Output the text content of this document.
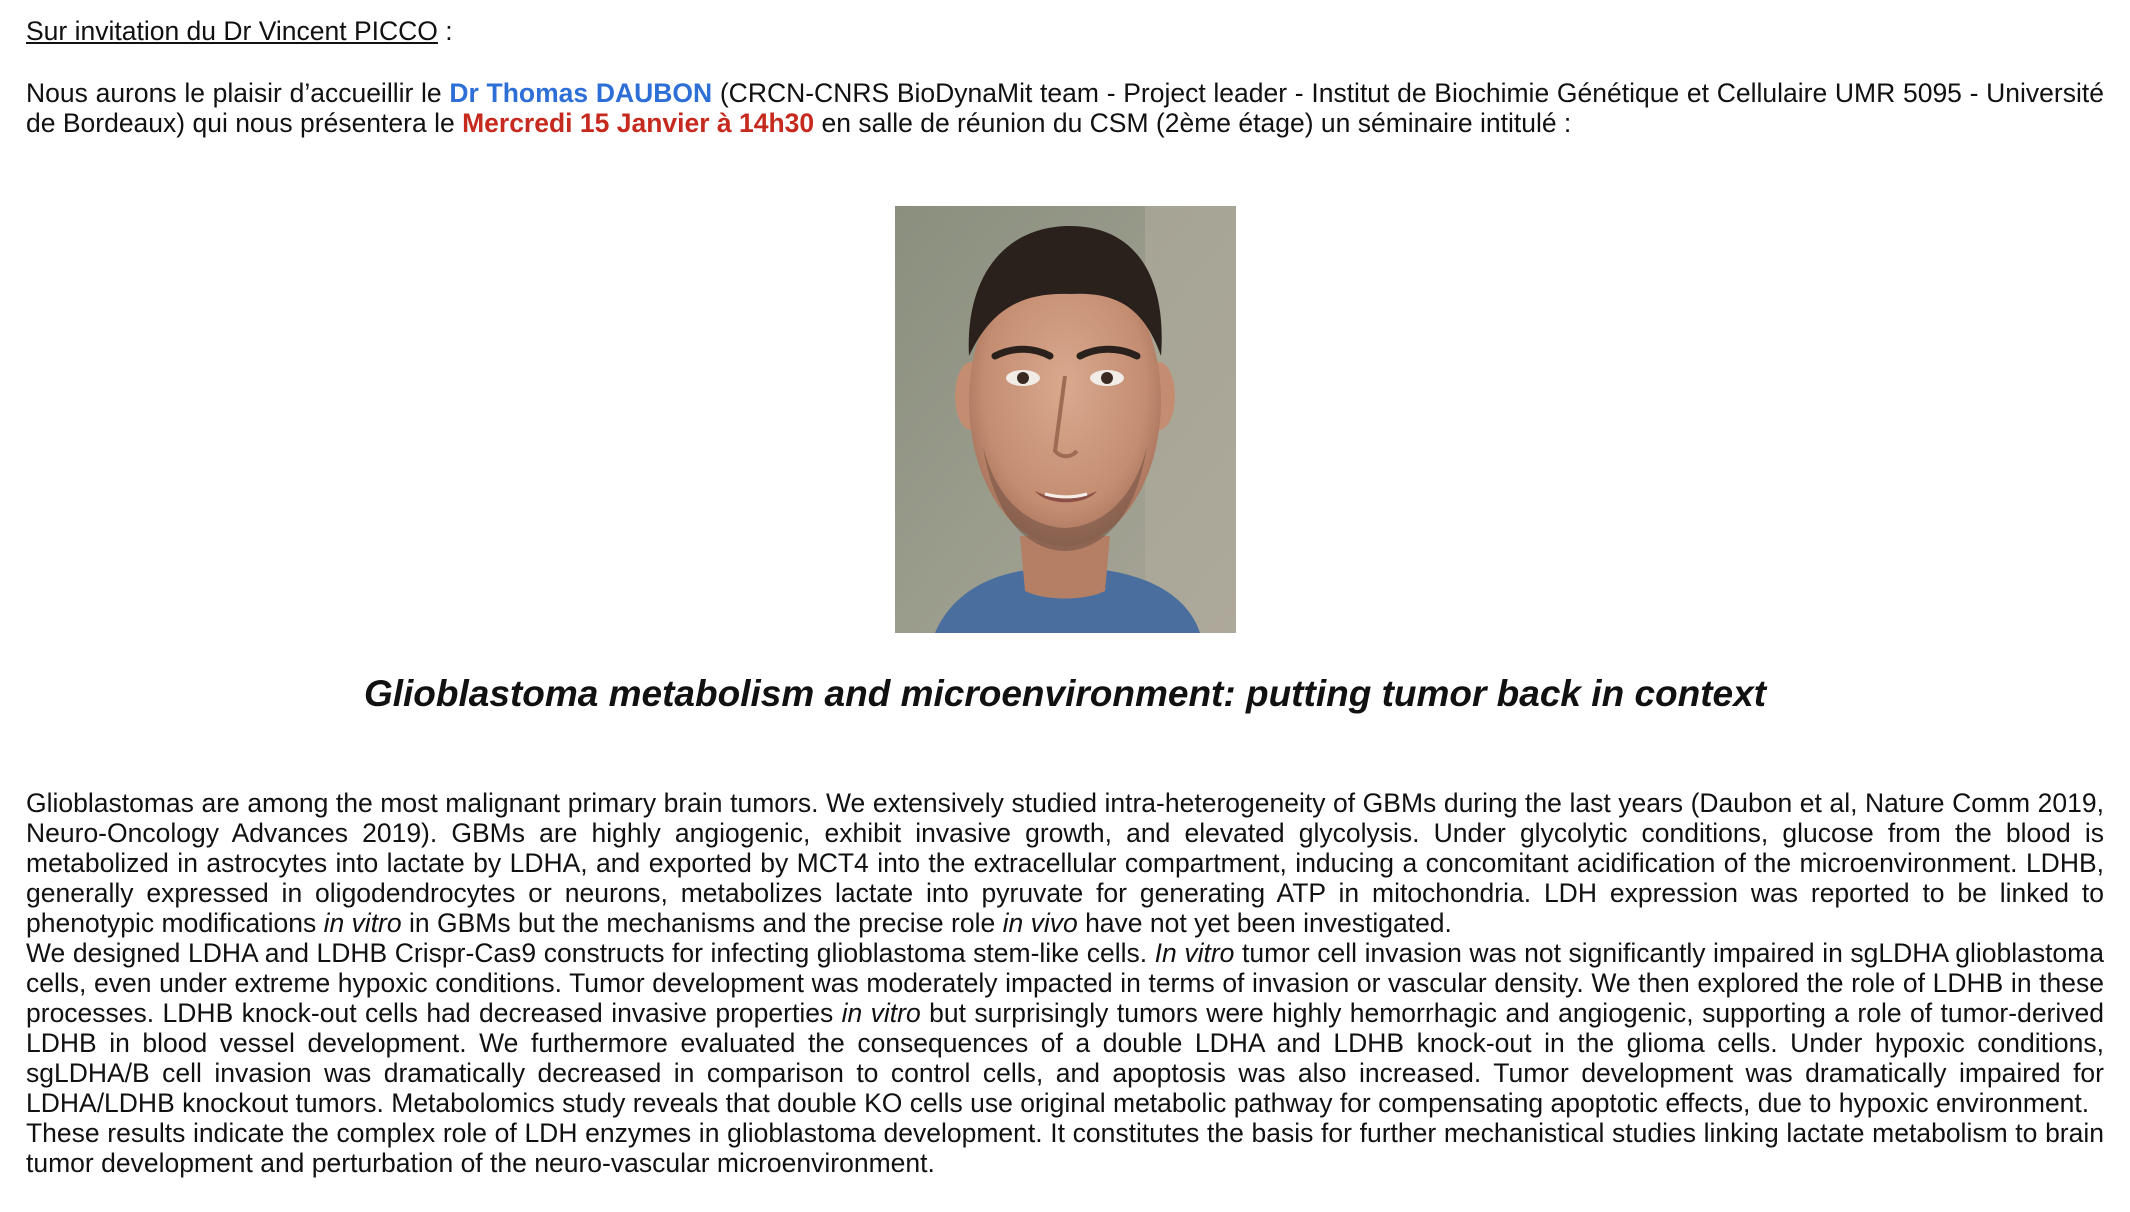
Sur invitation du Dr Vincent PICCO :
Nous aurons le plaisir d’accueillir le Dr Thomas DAUBON (CRCN-CNRS BioDynaMit team - Project leader - Institut de Biochimie Génétique et Cellulaire UMR 5095 - Université de Bordeaux) qui nous présentera le Mercredi 15 Janvier à 14h30 en salle de réunion du CSM (2ème étage) un séminaire intitulé :
Glioblastoma metabolism and microenvironment: putting tumor back in context
Glioblastomas are among the most malignant primary brain tumors. We extensively studied intra-heterogeneity of GBMs during the last years (Daubon et al, Nature Comm 2019, Neuro-Oncology Advances 2019). GBMs are highly angiogenic, exhibit invasive growth, and elevated glycolysis. Under glycolytic conditions, glucose from the blood is metabolized in astrocytes into lactate by LDHA, and exported by MCT4 into the extracellular compartment, inducing a concomitant acidification of the microenvironment. LDHB, generally expressed in oligodendrocytes or neurons, metabolizes lactate into pyruvate for generating ATP in mitochondria. LDH expression was reported to be linked to phenotypic modifications in vitro in GBMs but the mechanisms and the precise role in vivo have not yet been investigated.
We designed LDHA and LDHB Crispr-Cas9 constructs for infecting glioblastoma stem-like cells. In vitro tumor cell invasion was not significantly impaired in sgLDHA glioblastoma cells, even under extreme hypoxic conditions. Tumor development was moderately impacted in terms of invasion or vascular density. We then explored the role of LDHB in these processes. LDHB knock-out cells had decreased invasive properties in vitro but surprisingly tumors were highly hemorrhagic and angiogenic, supporting a role of tumor-derived LDHB in blood vessel development. We furthermore evaluated the consequences of a double LDHA and LDHB knock-out in the glioma cells. Under hypoxic conditions, sgLDHA/B cell invasion was dramatically decreased in comparison to control cells, and apoptosis was also increased. Tumor development was dramatically impaired for LDHA/LDHB knockout tumors. Metabolomics study reveals that double KO cells use original metabolic pathway for compensating apoptotic effects, due to hypoxic environment.
These results indicate the complex role of LDH enzymes in glioblastoma development. It constitutes the basis for further mechanistical studies linking lactate metabolism to brain tumor development and perturbation of the neuro-vascular microenvironment.
